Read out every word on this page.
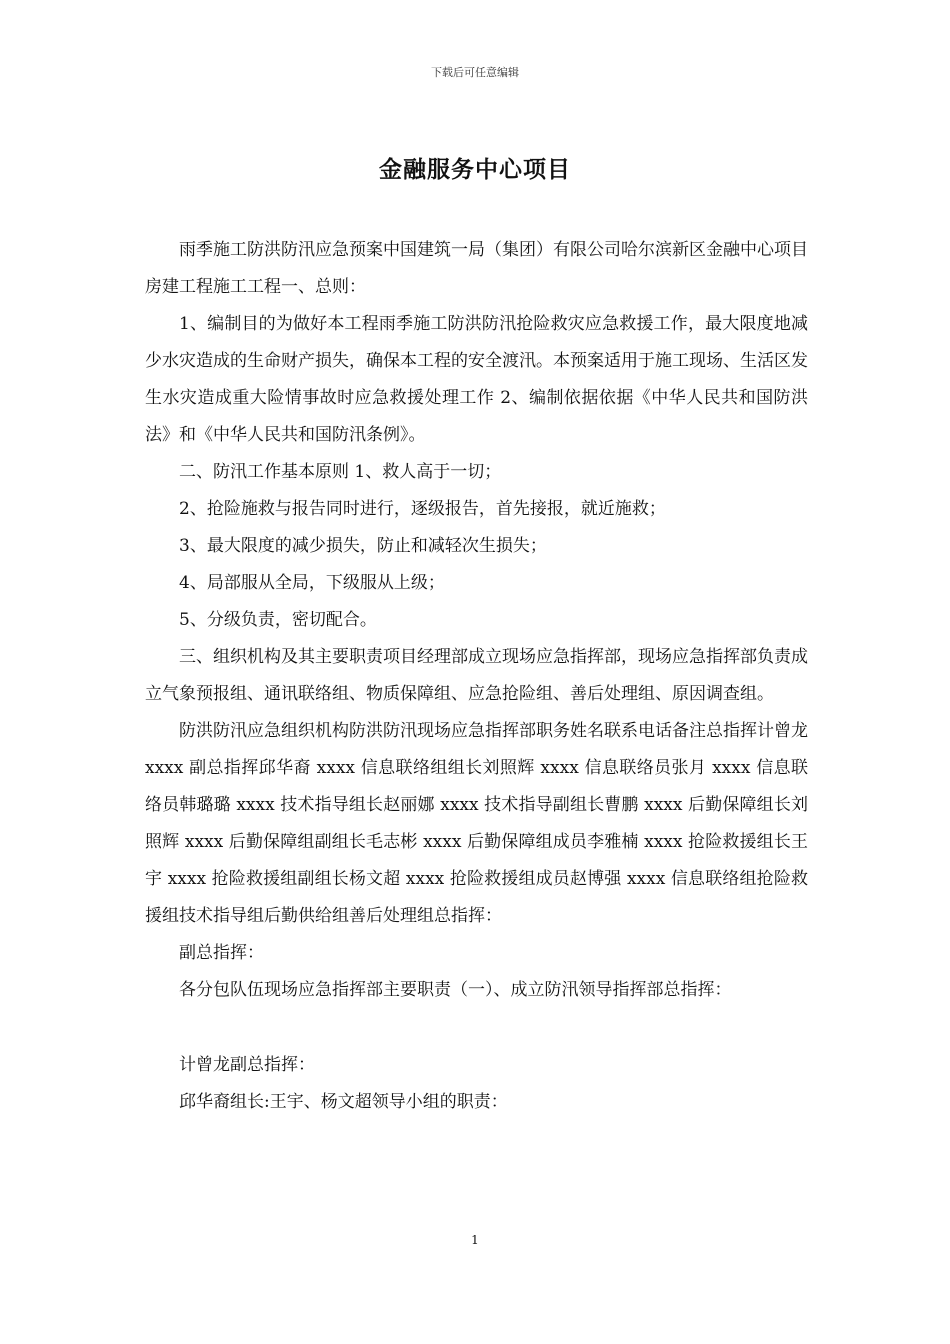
下载后可任意编辑
金融服务中心项目

雨季施工防洪防汛应急预案中国建筑一局（集团）有限公司哈尔滨新区金融中心项目房建工程施工工程一、总则：

1、编制目的为做好本工程雨季施工防洪防汛抢险救灾应急救援工作，最大限度地减少水灾造成的生命财产损失，确保本工程的安全渡汛。本预案适用于施工现场、生活区发生水灾造成重大险情事故时应急救援处理工作 2、编制依据依据《中华人民共和国防洪法》和《中华人民共和国防汛条例》。

二、防汛工作基本原则 1、救人高于一切；

2、抢险施救与报告同时进行，逐级报告，首先接报，就近施救；

3、最大限度的减少损失，防止和减轻次生损失；

4、局部服从全局，下级服从上级；

5、分级负责，密切配合。

三、组织机构及其主要职责项目经理部成立现场应急指挥部，现场应急指挥部负责成立气象预报组、通讯联络组、物质保障组、应急抢险组、善后处理组、原因调查组。

防洪防汛应急组织机构防洪防汛现场应急指挥部职务姓名联系电话备注总指挥计曾龙 xxxx 副总指挥邱华裔 xxxx 信息联络组组长刘照辉 xxxx 信息联络员张月 xxxx 信息联络员韩璐璐 xxxx 技术指导组长赵丽娜 xxxx 技术指导副组长曹鹏 xxxx 后勤保障组长刘照辉 xxxx 后勤保障组副组长毛志彬 xxxx 后勤保障组成员李雅楠 xxxx 抢险救援组长王宇 xxxx 抢险救援组副组长杨文超 xxxx 抢险救援组成员赵博强 xxxx 信息联络组抢险救援组技术指导组后勤供给组善后处理组总指挥：

副总指挥：

各分包队伍现场应急指挥部主要职责（一）、成立防汛领导指挥部总指挥：

计曾龙副总指挥：

邱华裔组长:王宇、杨文超领导小组的职责：

1
